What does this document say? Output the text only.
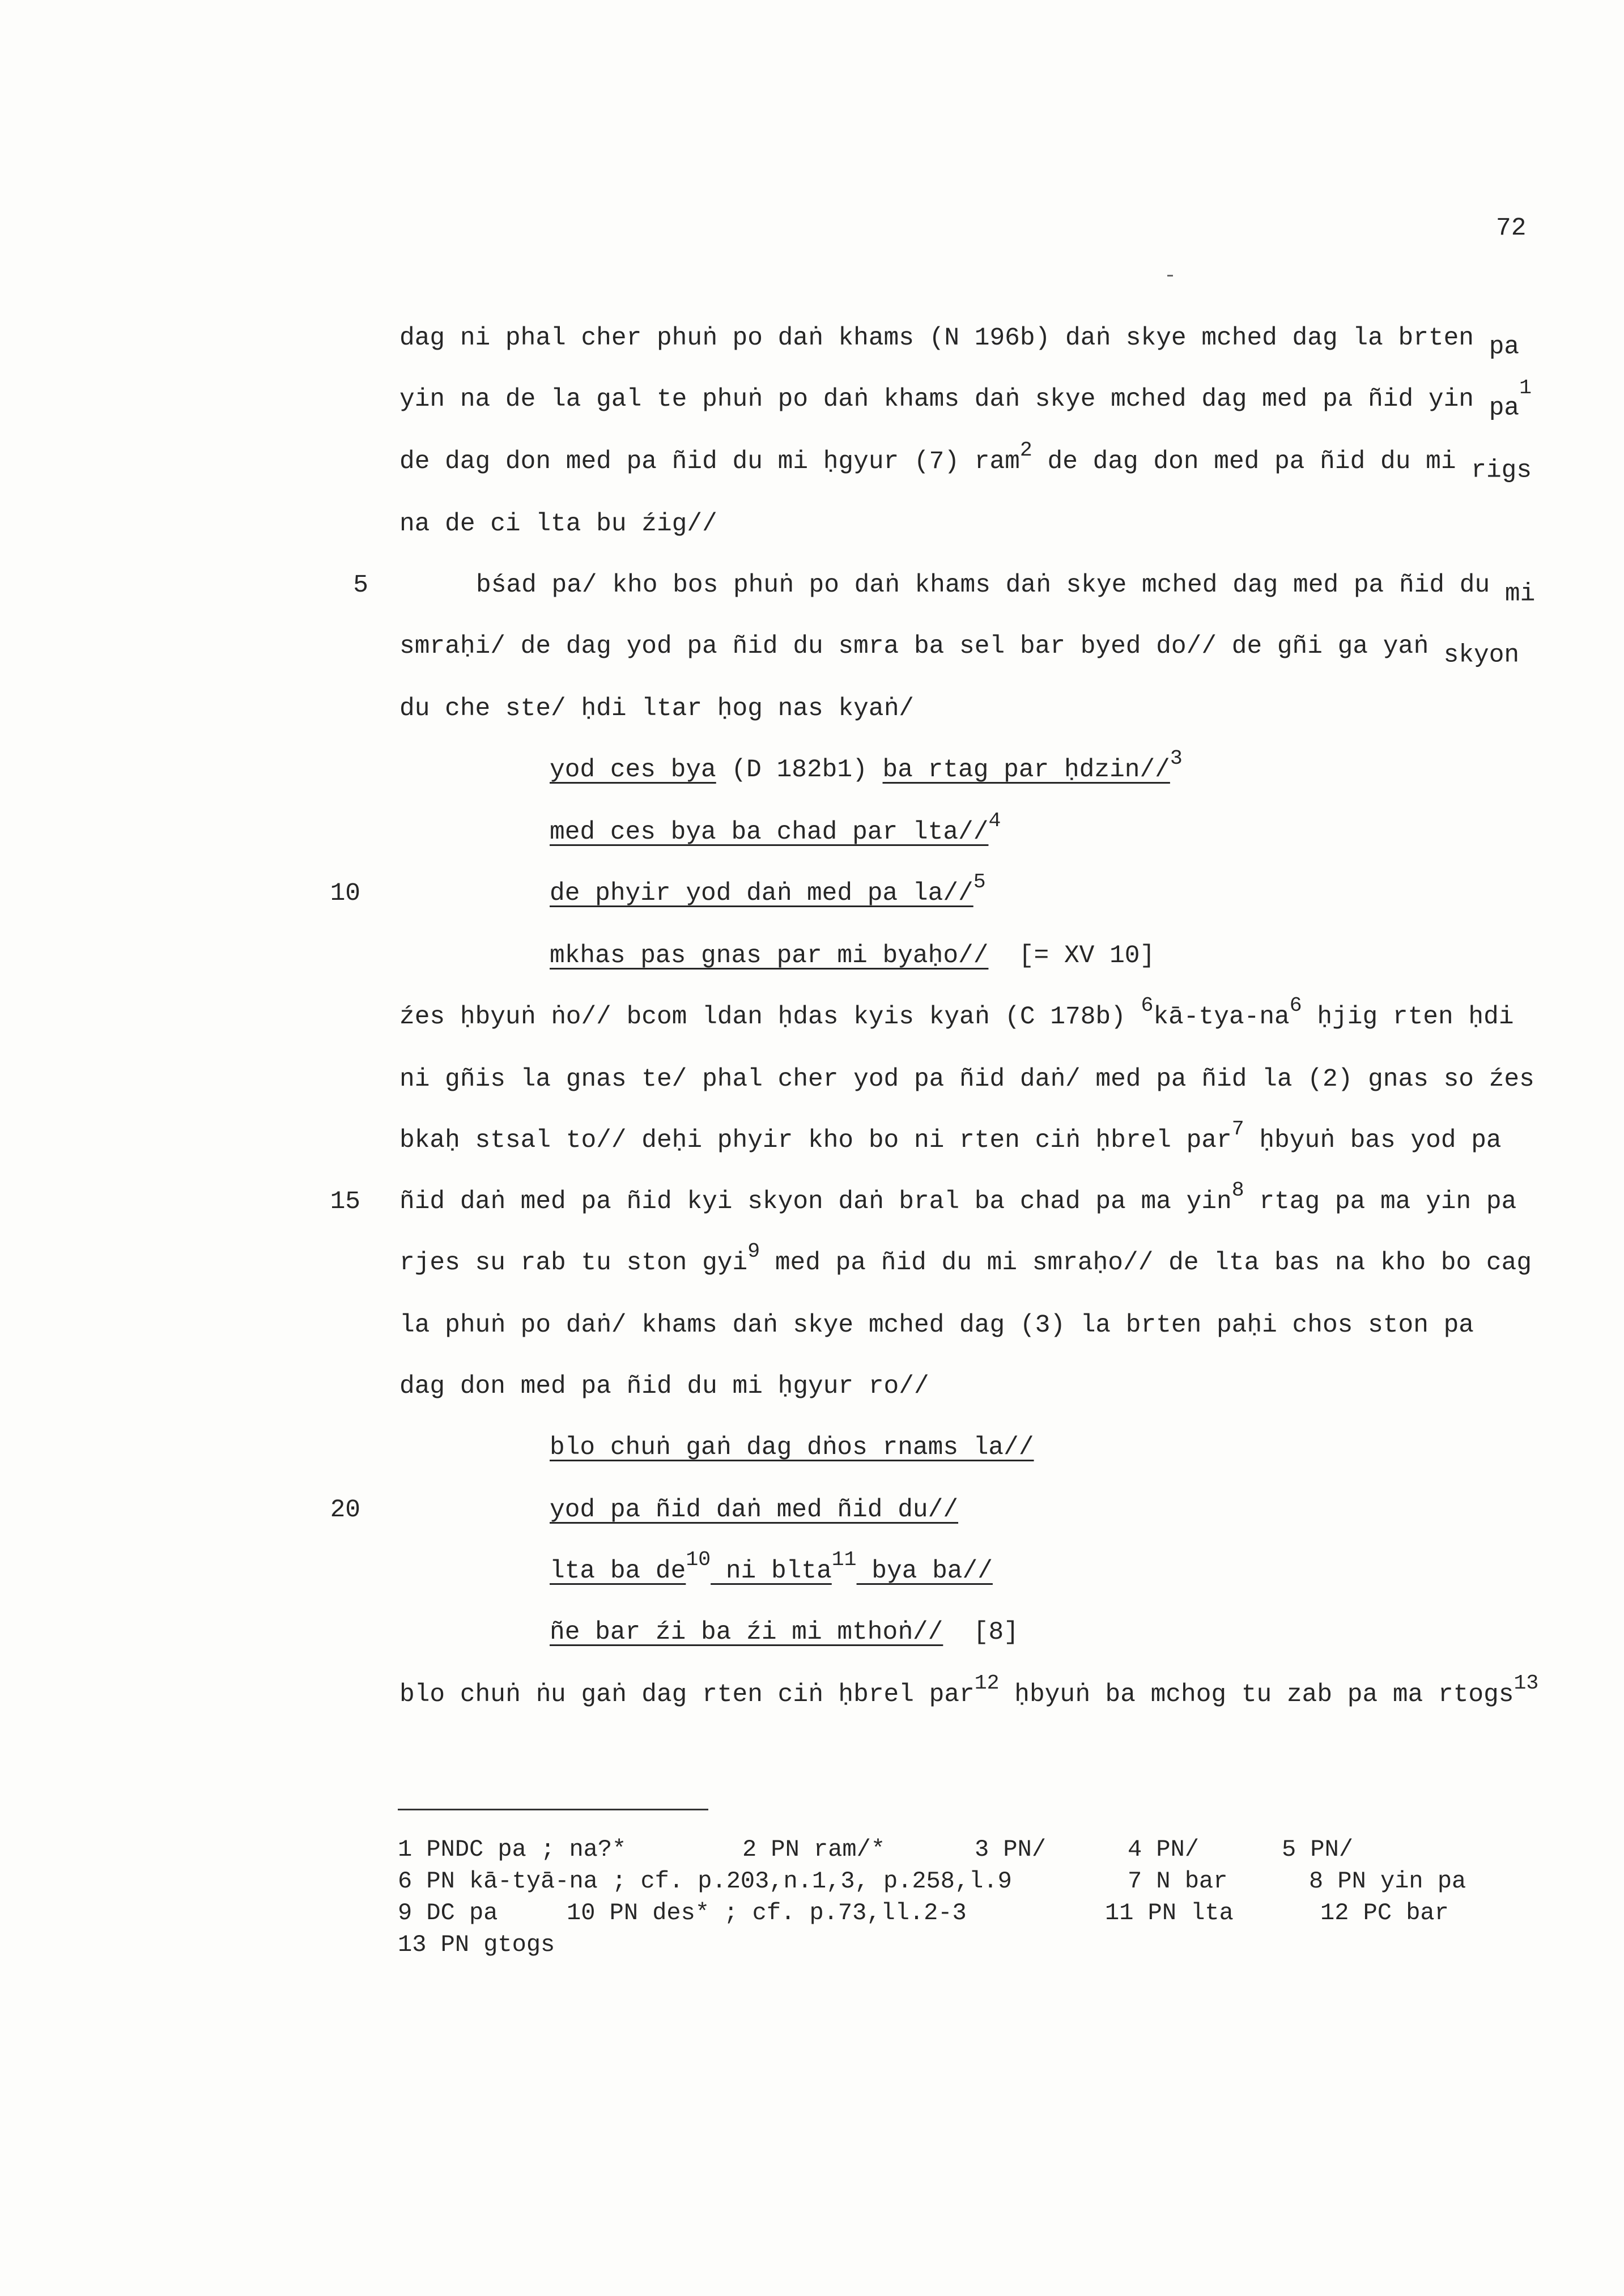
72
dag ni phal cher phuṅ po daṅ khams (N 196b) daṅ skye mched dag la brten $_{pa}$
yin na de la gal te phuṅ po daṅ khams daṅ skye mched dag med pa ñid yin $_{pa}^1$
de dag don med pa ñid du mi ḥgyur (7) ram$^2$ de dag don med pa ñid du mi $_{rigs}$
na de ci lta bu źig//
5	bśad pa/ kho bos phuṅ po daṅ khams daṅ skye mched dag med pa ñid du $_{mi}$
smraḥi/ de dag yod pa ñid du smra ba sel bar byed do// de gñi ga yaṅ $_{skyon}$
du che ste/ ḥdi ltar ḥog nas kyaṅ/
yod ces bya (D 182b1) ba rtag par ḥdzin//$^3$
med ces bya ba chad par lta//$^4$
10	de phyir yod daṅ med pa la//$^5$
mkhas pas gnas par mi byaḥo//  [= XV 10]
źes ḥbyuṅ ṅo// bcom ldan ḥdas kyis kyaṅ (C 178b) $^6kā-tya-na^6$ ḥjig rten ḥdi
ni gñis la gnas te/ phal cher yod pa ñid daṅ/ med pa ñid la (2) gnas so źes
bkaḥ stsal to// deḥi phyir kho bo ni rten ciṅ ḥbrel par$^7$ ḥbyuṅ bas yod pa
15 ñid daṅ med pa ñid kyi skyon daṅ bral ba chad pa ma yin$^8$ rtag pa ma yin pa
rjes su rab tu ston gyi$^9$ med pa ñid du mi smraḥo// de lta bas na kho bo cag
la phuṅ po daṅ/ khams daṅ skye mched dag (3) la brten paḥi chos ston pa
dag don med pa ñid du mi ḥgyur ro//
blo chuṅ gaṅ dag dṅos rnams la//
20	yod pa ñid daṅ med ñid du//
lta ba $de^{10}$ ni blta$^{11}$ bya ba//
ñe bar źi ba źi mi mthoṅ//  [8]
blo chuṅ ṅu gaṅ dag rten ciṅ ḥbrel par$^{12}$ ḥbyuṅ ba mchog tu zab pa ma rtogs$^{13}$
1 PNDC pa ; na?*	2 PN ram/*	3 PN/	4 PN/	5 PN/
6 PN kā-tyā-na ; cf. p.203,n.1,3, p.258,l.9	7 N bar	8 PN yin pa
9 DC pa	10 PN des* ; cf. p.73,ll.2-3	11 PN lta	12 PC bar
13 PN gtogs
